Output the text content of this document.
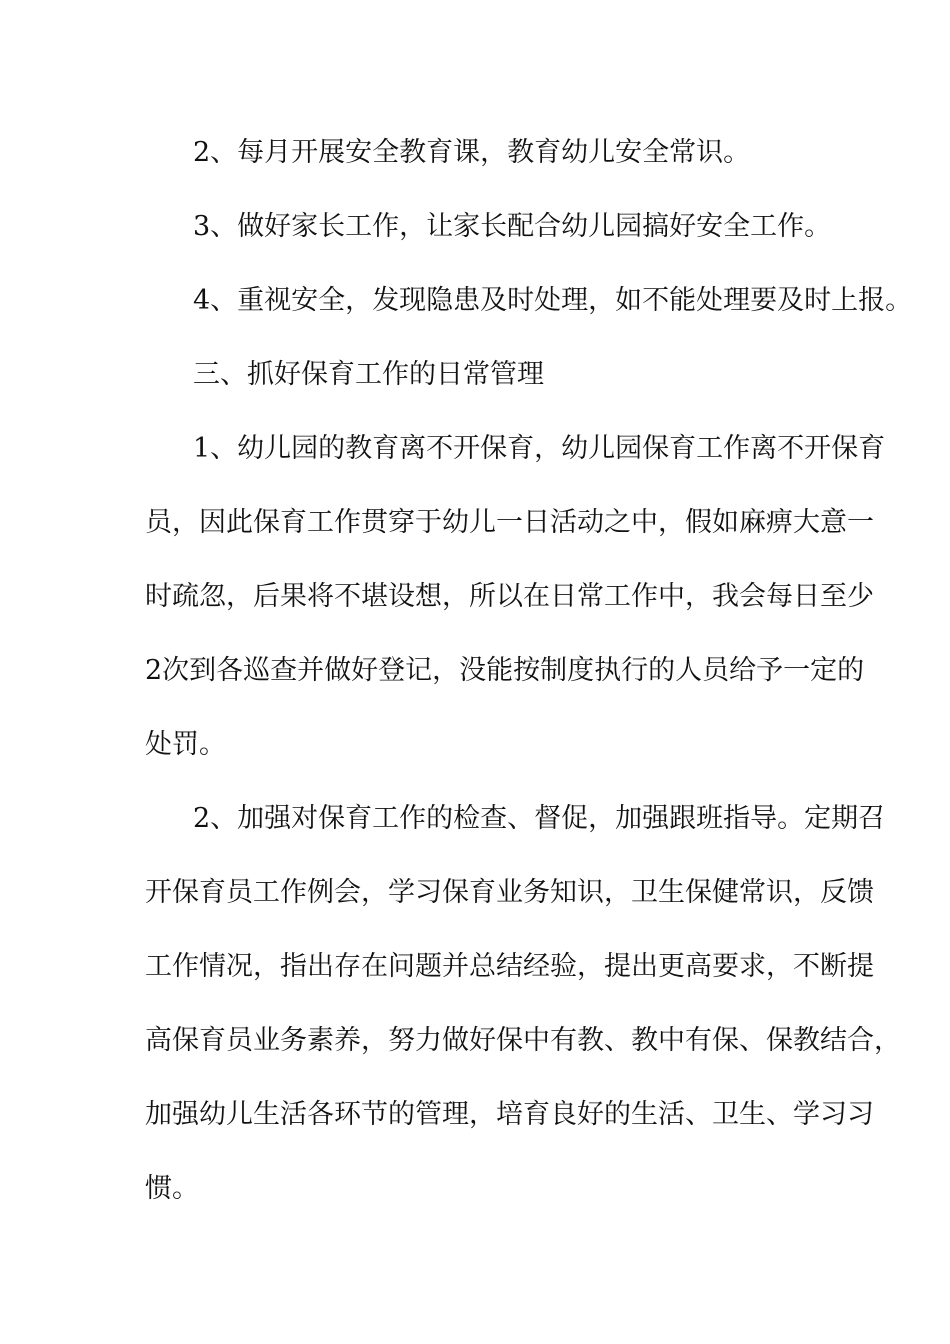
2、每月开展安全教育课，教育幼儿安全常识。
3、做好家长工作，让家长配合幼儿园搞好安全工作。
4、重视安全，发现隐患及时处理，如不能处理要及时上报。
三、抓好保育工作的日常管理
1、幼儿园的教育离不开保育，幼儿园保育工作离不开保育
员，因此保育工作贯穿于幼儿一日活动之中，假如麻痹大意一
时疏忽，后果将不堪设想，所以在日常工作中，我会每日至少
2次到各巡查并做好登记，没能按制度执行的人员给予一定的
处罚。
2、加强对保育工作的检查、督促，加强跟班指导。定期召
开保育员工作例会，学习保育业务知识，卫生保健常识，反馈
工作情况，指出存在问题并总结经验，提出更高要求，不断提
高保育员业务素养，努力做好保中有教、教中有保、保教结合，
加强幼儿生活各环节的管理，培育良好的生活、卫生、学习习
惯。
